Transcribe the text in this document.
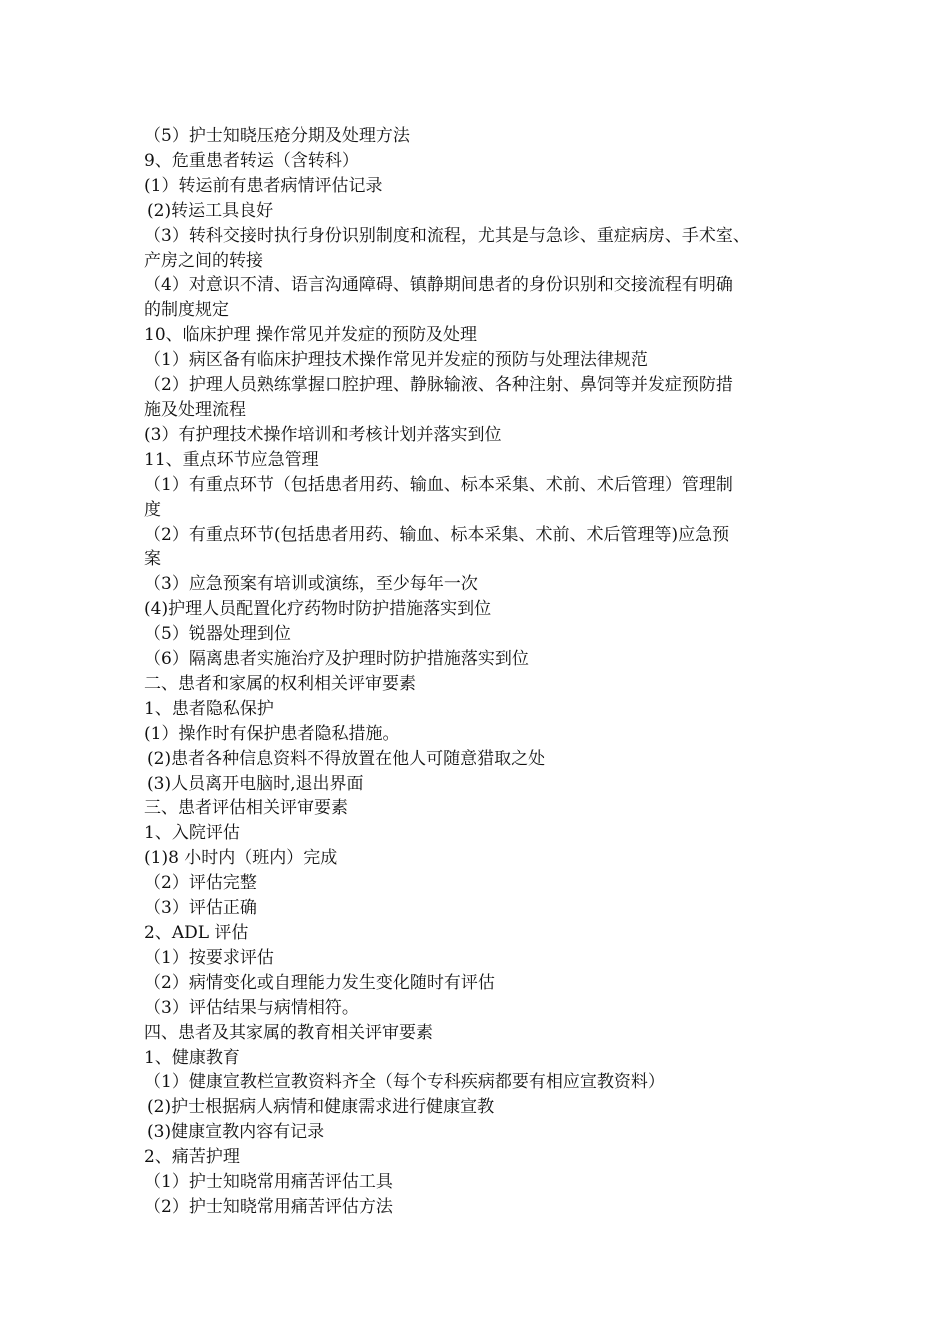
（5）护士知晓压疮分期及处理方法
9、危重患者转运（含转科）
(1）转运前有患者病情评估记录
(2)转运工具良好
（3）转科交接时执行身份识别制度和流程，尤其是与急诊、重症病房、手术室、
产房之间的转接
（4）对意识不清、语言沟通障碍、镇静期间患者的身份识别和交接流程有明确
的制度规定
10、临床护理 操作常见并发症的预防及处理
（1）病区备有临床护理技术操作常见并发症的预防与处理法律规范
（2）护理人员熟练掌握口腔护理、静脉输液、各种注射、鼻饲等并发症预防措
施及处理流程
(3）有护理技术操作培训和考核计划并落实到位
11、重点环节应急管理
（1）有重点环节（包括患者用药、输血、标本采集、术前、术后管理）管理制
度
（2）有重点环节(包括患者用药、输血、标本采集、术前、术后管理等)应急预
案
（3）应急预案有培训或演练，至少每年一次
(4)护理人员配置化疗药物时防护措施落实到位
（5）锐器处理到位
（6）隔离患者实施治疗及护理时防护措施落实到位
二、患者和家属的权利相关评审要素
1、患者隐私保护
(1）操作时有保护患者隐私措施。
(2)患者各种信息资料不得放置在他人可随意猎取之处
(3)人员离开电脑时,退出界面
三、患者评估相关评审要素
1、入院评估
(1)8 小时内（班内）完成
（2）评估完整
（3）评估正确
2、ADL 评估
（1）按要求评估
（2）病情变化或自理能力发生变化随时有评估
（3）评估结果与病情相符。
四、患者及其家属的教育相关评审要素
1、健康教育
（1）健康宣教栏宣教资料齐全（每个专科疾病都要有相应宣教资料）
(2)护士根据病人病情和健康需求进行健康宣教
(3)健康宣教内容有记录
2、痛苦护理
（1）护士知晓常用痛苦评估工具
（2）护士知晓常用痛苦评估方法
